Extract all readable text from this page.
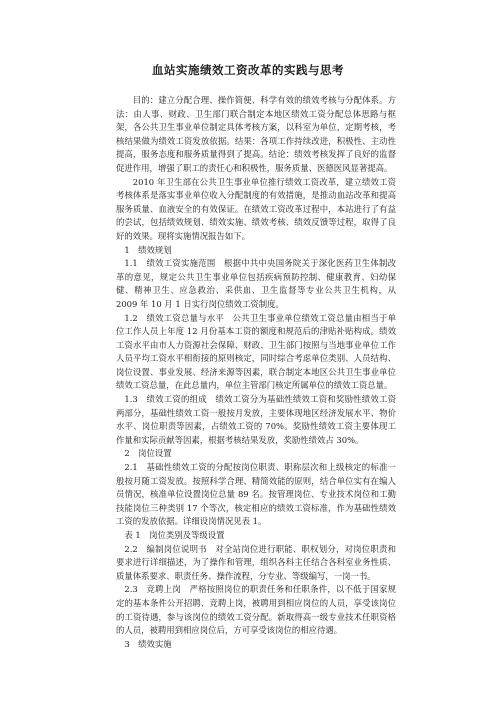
血站实施绩效工资改革的实践与思考

目的：建立分配合理、操作简便、科学有效的绩效考核与分配体系。方法：由人事、财政、卫生部门联合制定本地区绩效工资分配总体思路与框架，各公共卫生事业单位制定具体考核方案，以科室为单位，定期考核，考核结果做为绩效工资发放依据。结果：各项工作持续改进，积极性、主动性提高，服务态度和服务质量得到了提高。结论：绩效考核发挥了良好的监督促进作用，增强了职工的责任心和积极性，服务质量、医德医风显著提高。

2010 年卫生部在公共卫生事业单位推行绩效工资改革，建立绩效工资考核体系是落实事业单位收入分配制度的有效措施，是推动血站改革和提高服务质量、血液安全的有效保证。在绩效工资改革过程中，本站进行了有益的尝试，包括绩效规划、绩效实施、绩效考核、绩效反馈等过程，取得了良好的效果。现将实施情况报告如下。

1　绩效规划

1.1　绩效工资实施范围　根据中共中央国务院关于深化医药卫生体制改革的意见，规定公共卫生事业单位包括疾病预防控制、健康教育、妇幼保健、精神卫生、应急救治、采供血、卫生监督等专业公共卫生机构，从 2009 年 10 月 1 日实行岗位绩效工资制度。

1.2　绩效工资总量与水平　公共卫生事业单位绩效工资总量由相当于单位工作人员上年度 12 月份基本工资的额度和规范后的津贴补贴构成。绩效工资水平由市人力资源社会保障、财政、卫生部门按照与当地事业单位工作人员平均工资水平相衔接的原则核定，同时综合考虑单位类别、人员结构、岗位设置、事业发展、经济来源等因素，联合制定本地区公共卫生事业单位绩效工资总量，在此总量内，单位主管部门核定所属单位的绩效工资总量。

1.3　绩效工资的组成　绩效工资分为基础性绩效工资和奖励性绩效工资两部分，基础性绩效工资一般按月发放，主要体现地区经济发展水平、物价水平、岗位职责等因素，占绩效工资的 70%。奖励性绩效工资主要体现工作量和实际贡献等因素，根据考核结果发放，奖励性绩效占 30%。

2　岗位设置

2.1　基础性绩效工资的分配按岗位职责、职称层次和上级核定的标准一般按月随工资发放。按照科学合理、精简效能的原则，结合单位实有在编人员情况，核准单位设置岗位总量 89 名。按管理岗位、专业技术岗位和工勤技能岗位三种类别 17 个等次，核定相应的绩效工资标准，作为基础性绩效工资的发放依据。详细设岗情况见表 1。

表 1　岗位类别及等级设置

2.2　编制岗位说明书　对全站岗位进行职能、职权划分，对岗位职责和要求进行详细描述，为了操作和管理，组织各科主任结合各科室业务性质、质量体系要求、职责任务、操作流程，分专业、等级编写，一岗一书。

2.3　竞聘上岗　严格按照岗位的职责任务和任职条件，以不低于国家规定的基本条件公开招聘、竞聘上岗，被聘用到相应岗位的人员，享受该岗位的工资待遇，参与该岗位的绩效工资分配。新取得高一级专业技术任职资格的人员，被聘用到相应岗位后，方可享受该岗位的相应待遇。

3　绩效实施
